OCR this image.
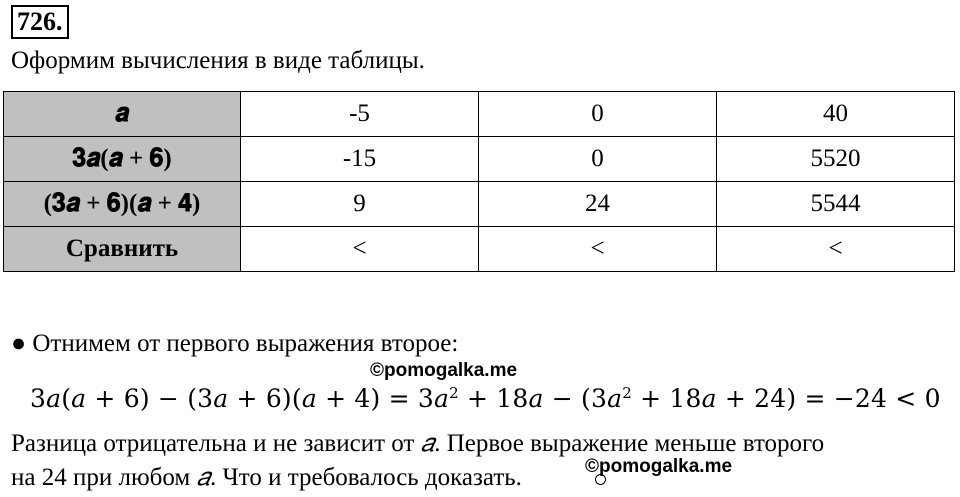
726.
Оформим вычисления в виде таблицы.
𝒂	-5	0	40
𝟑𝒂(𝒂 + 𝟔)	-15	0	5520
(𝟑𝒂 + 𝟔)(𝒂 + 𝟒)	9	24	5544
Сравнить	<	<	<
● Отнимем от первого выражения второе:
©pomogalka.me
3𝑎(𝑎 + 6) − (3𝑎 + 6)(𝑎 + 4) = 3𝑎$^2$ + 18𝑎 − (3𝑎$^2$ + 18𝑎 + 24) = −24 < 0
Разница отрицательна и не зависит от 𝑎. Первое выражение меньше второго
на 24 при любом 𝑎. Что и требовалось доказать.	©pomogalka.me
